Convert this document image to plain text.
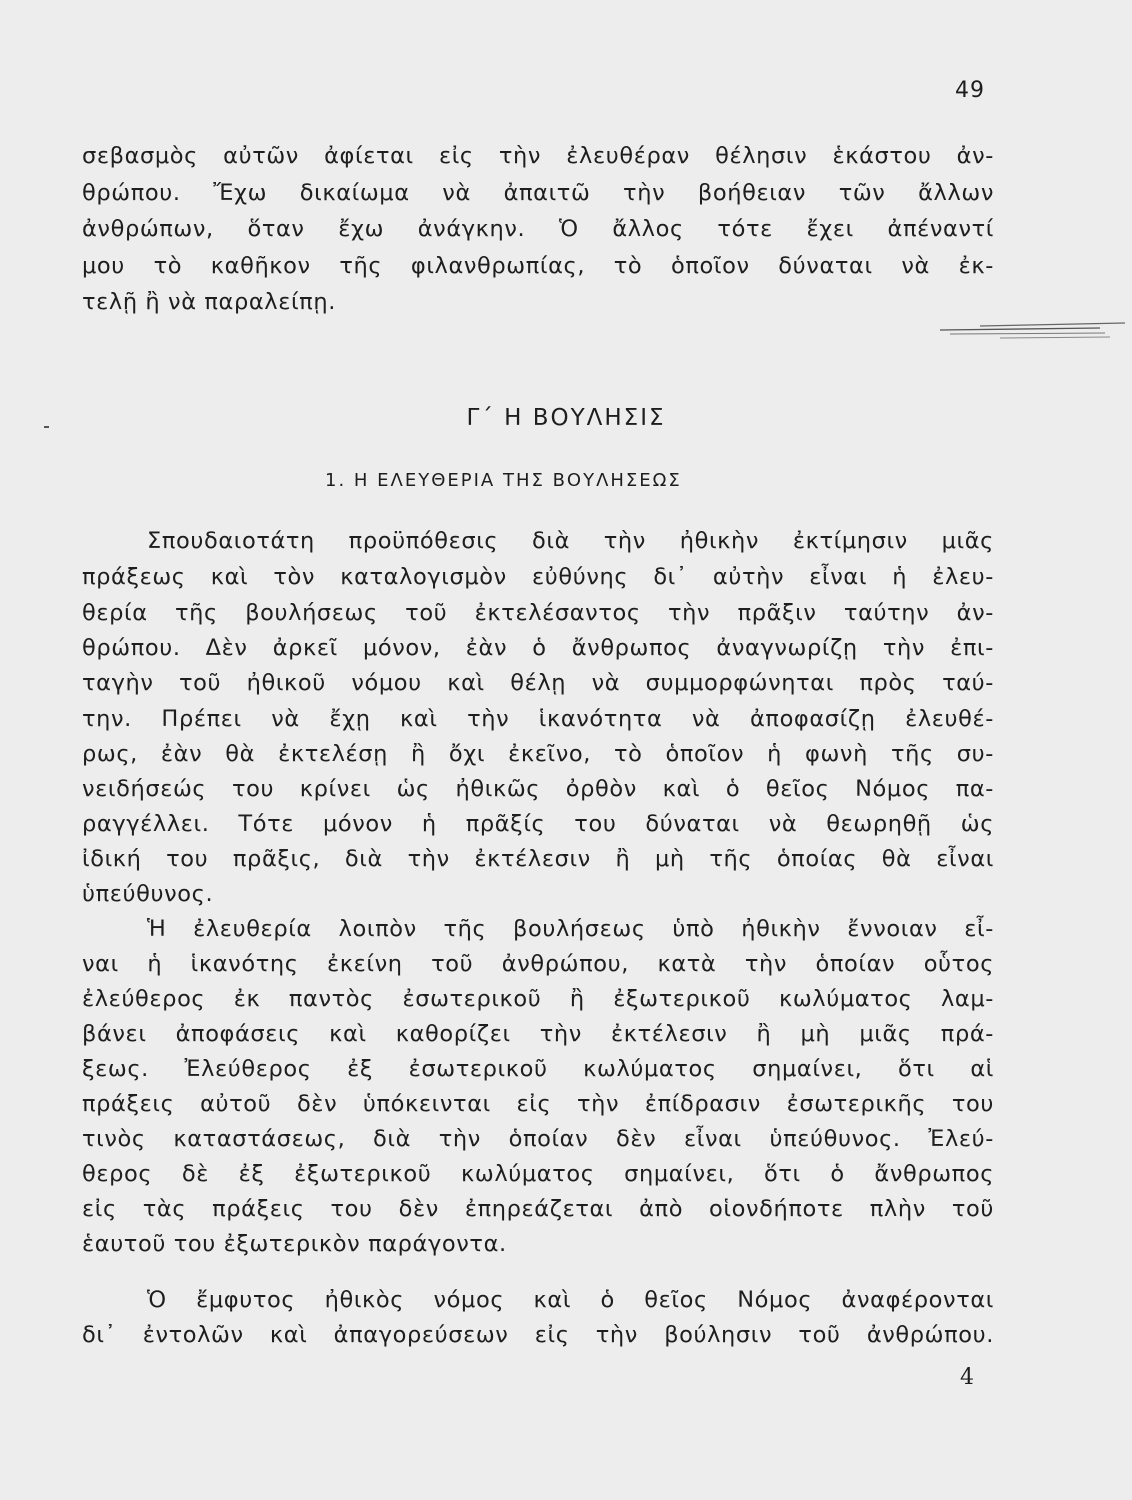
49
σεβασμὸς αὐτῶν ἀφίεται εἰς τὴν ἐλευθέραν θέλησιν ἑκάστου ἀν-
θρώπου. Ἔχω δικαίωμα νὰ ἀπαιτῶ τὴν βοήθειαν τῶν ἄλλων
ἀνθρώπων, ὅταν ἔχω ἀνάγκην. Ὁ ἄλλος τότε ἔχει ἀπέναντί
μου τὸ καθῆκον τῆς φιλανθρωπίας, τὸ ὁποῖον δύναται νὰ ἐκ-
τελῇ ἢ νὰ παραλείπῃ.
Γ΄ Η ΒΟΥΛΗΣΙΣ
1. Η ΕΛΕΥΘΕΡΙΑ ΤΗΣ ΒΟΥΛΗΣΕΩΣ
Σπουδαιοτάτη προϋπόθεσις διὰ τὴν ἠθικὴν ἐκτίμησιν μιᾶς
πράξεως καὶ τὸν καταλογισμὸν εὐθύνης δι᾽ αὐτὴν εἶναι ἡ ἐλευ-
θερία τῆς βουλήσεως τοῦ ἐκτελέσαντος τὴν πρᾶξιν ταύτην ἀν-
θρώπου. Δὲν ἀρκεῖ μόνον, ἐὰν ὁ ἄνθρωπος ἀναγνωρίζῃ τὴν ἐπι-
ταγὴν τοῦ ἠθικοῦ νόμου καὶ θέλῃ νὰ συμμορφώνηται πρὸς ταύ-
την. Πρέπει νὰ ἔχῃ καὶ τὴν ἱκανότητα νὰ ἀποφασίζῃ ἐλευθέ-
ρως, ἐὰν θὰ ἐκτελέσῃ ἢ ὄχι ἐκεῖνο, τὸ ὁποῖον ἡ φωνὴ τῆς συ-
νειδήσεώς του κρίνει ὡς ἠθικῶς ὀρθὸν καὶ ὁ θεῖος Νόμος πα-
ραγγέλλει. Τότε μόνον ἡ πρᾶξίς του δύναται νὰ θεωρηθῇ ὡς
ἰδική του πρᾶξις, διὰ τὴν ἐκτέλεσιν ἢ μὴ τῆς ὁποίας θὰ εἶναι
ὑπεύθυνος.
Ἡ ἐλευθερία λοιπὸν τῆς βουλήσεως ὑπὸ ἠθικὴν ἔννοιαν εἶ-
ναι ἡ ἱκανότης ἐκείνη τοῦ ἀνθρώπου, κατὰ τὴν ὁποίαν οὗτος
ἐλεύθερος ἐκ παντὸς ἐσωτερικοῦ ἢ ἐξωτερικοῦ κωλύματος λαμ-
βάνει ἀποφάσεις καὶ καθορίζει τὴν ἐκτέλεσιν ἢ μὴ μιᾶς πρά-
ξεως. Ἐλεύθερος ἐξ ἐσωτερικοῦ κωλύματος σημαίνει, ὅτι αἱ
πράξεις αὐτοῦ δὲν ὑπόκεινται εἰς τὴν ἐπίδρασιν ἐσωτερικῆς του
τινὸς καταστάσεως, διὰ τὴν ὁποίαν δὲν εἶναι ὑπεύθυνος. Ἐλεύ-
θερος δὲ ἐξ ἐξωτερικοῦ κωλύματος σημαίνει, ὅτι ὁ ἄνθρωπος
εἰς τὰς πράξεις του δὲν ἐπηρεάζεται ἀπὸ οἱονδήποτε πλὴν τοῦ
ἑαυτοῦ του ἐξωτερικὸν παράγοντα.
Ὁ ἔμφυτος ἠθικὸς νόμος καὶ ὁ θεῖος Νόμος ἀναφέρονται
δι᾽ ἐντολῶν καὶ ἀπαγορεύσεων εἰς τὴν βούλησιν τοῦ ἀνθρώπου.
4
